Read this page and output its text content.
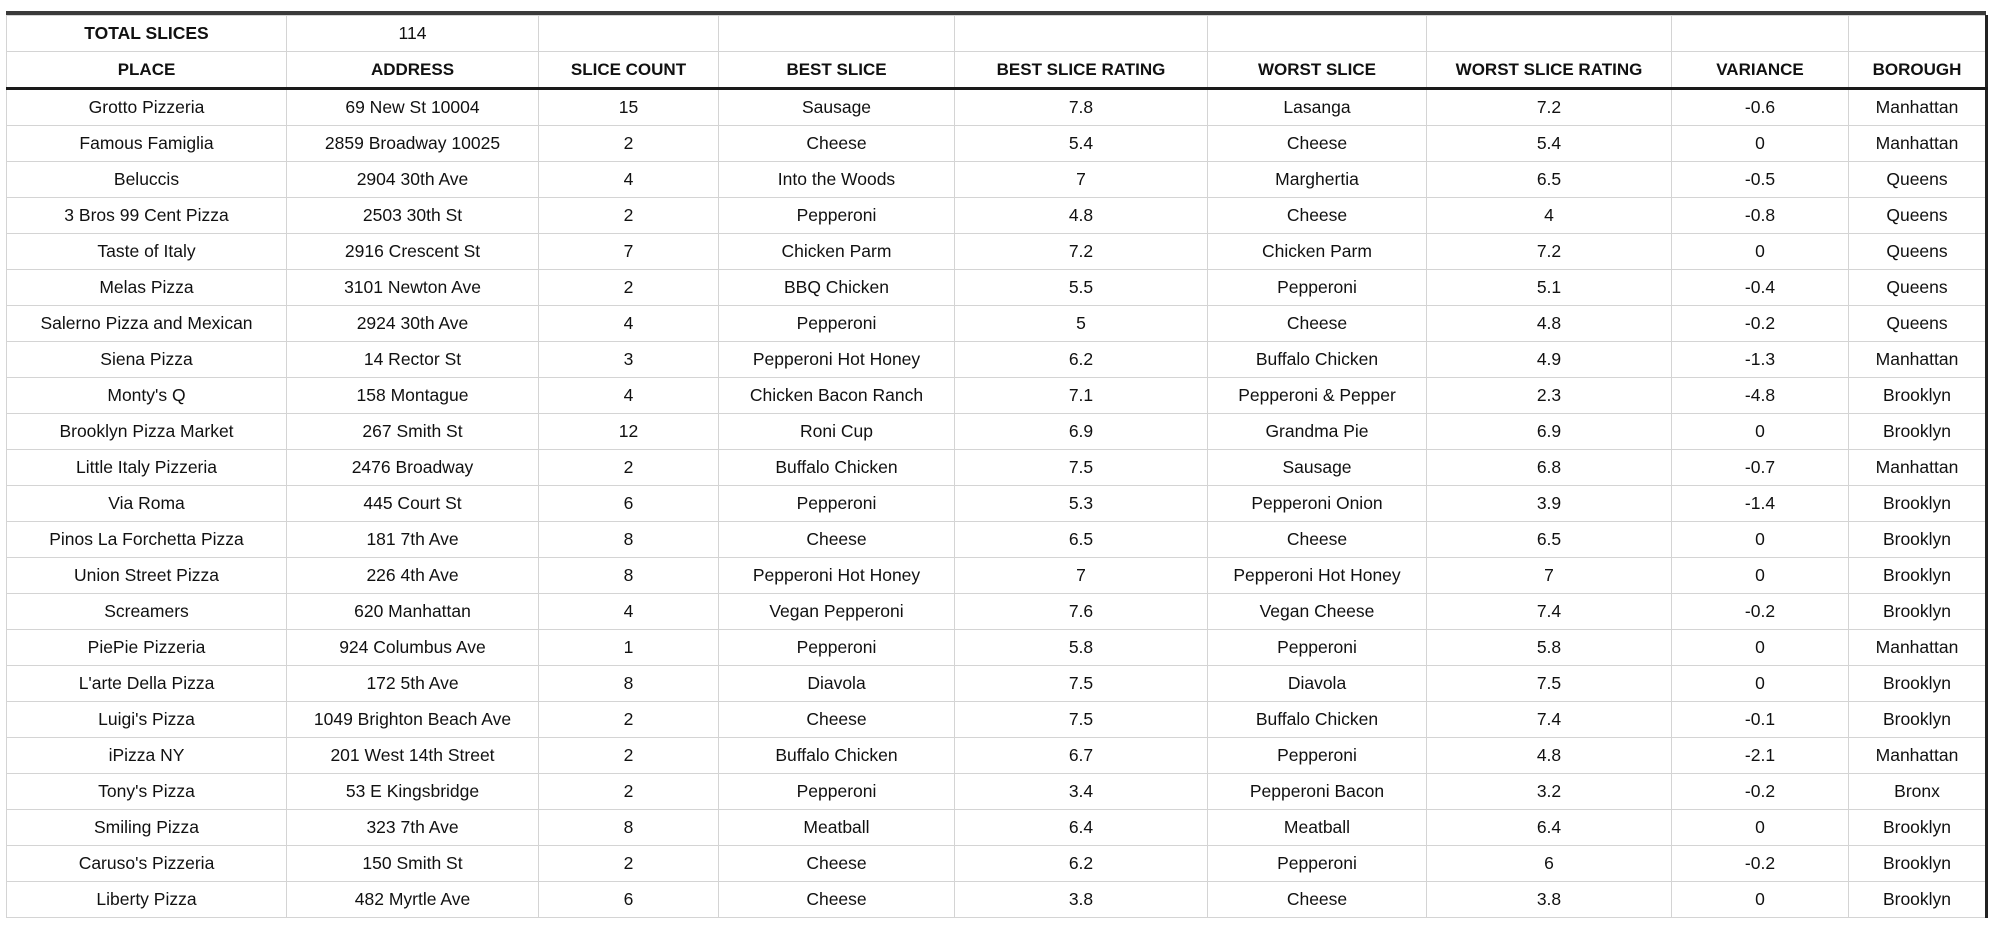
TOTAL SLICES	114							
PLACE	ADDRESS	SLICE COUNT	BEST SLICE	BEST SLICE RATING	WORST SLICE	WORST SLICE RATING	VARIANCE	BOROUGH
Grotto Pizzeria	69 New St 10004	15	Sausage	7.8	Lasanga	7.2	-0.6	Manhattan
Famous Famiglia	2859 Broadway 10025	2	Cheese	5.4	Cheese	5.4	0	Manhattan
Beluccis	2904 30th Ave	4	Into the Woods	7	Marghertia	6.5	-0.5	Queens
3 Bros 99 Cent Pizza	2503 30th St	2	Pepperoni	4.8	Cheese	4	-0.8	Queens
Taste of Italy	2916 Crescent St	7	Chicken Parm	7.2	Chicken Parm	7.2	0	Queens
Melas Pizza	3101 Newton Ave	2	BBQ Chicken	5.5	Pepperoni	5.1	-0.4	Queens
Salerno Pizza and Mexican	2924 30th Ave	4	Pepperoni	5	Cheese	4.8	-0.2	Queens
Siena Pizza	14 Rector St	3	Pepperoni Hot Honey	6.2	Buffalo Chicken	4.9	-1.3	Manhattan
Monty's Q	158 Montague	4	Chicken Bacon Ranch	7.1	Pepperoni & Pepper	2.3	-4.8	Brooklyn
Brooklyn Pizza Market	267 Smith St	12	Roni Cup	6.9	Grandma Pie	6.9	0	Brooklyn
Little Italy Pizzeria	2476 Broadway	2	Buffalo Chicken	7.5	Sausage	6.8	-0.7	Manhattan
Via Roma	445 Court St	6	Pepperoni	5.3	Pepperoni Onion	3.9	-1.4	Brooklyn
Pinos La Forchetta Pizza	181 7th Ave	8	Cheese	6.5	Cheese	6.5	0	Brooklyn
Union Street Pizza	226 4th Ave	8	Pepperoni Hot Honey	7	Pepperoni Hot Honey	7	0	Brooklyn
Screamers	620 Manhattan	4	Vegan Pepperoni	7.6	Vegan Cheese	7.4	-0.2	Brooklyn
PiePie Pizzeria	924 Columbus Ave	1	Pepperoni	5.8	Pepperoni	5.8	0	Manhattan
L'arte Della Pizza	172 5th Ave	8	Diavola	7.5	Diavola	7.5	0	Brooklyn
Luigi's Pizza	1049 Brighton Beach Ave	2	Cheese	7.5	Buffalo Chicken	7.4	-0.1	Brooklyn
iPizza NY	201 West 14th Street	2	Buffalo Chicken	6.7	Pepperoni	4.8	-2.1	Manhattan
Tony's Pizza	53 E Kingsbridge	2	Pepperoni	3.4	Pepperoni Bacon	3.2	-0.2	Bronx
Smiling Pizza	323 7th Ave	8	Meatball	6.4	Meatball	6.4	0	Brooklyn
Caruso's Pizzeria	150 Smith St	2	Cheese	6.2	Pepperoni	6	-0.2	Brooklyn
Liberty Pizza	482 Myrtle Ave	6	Cheese	3.8	Cheese	3.8	0	Brooklyn
